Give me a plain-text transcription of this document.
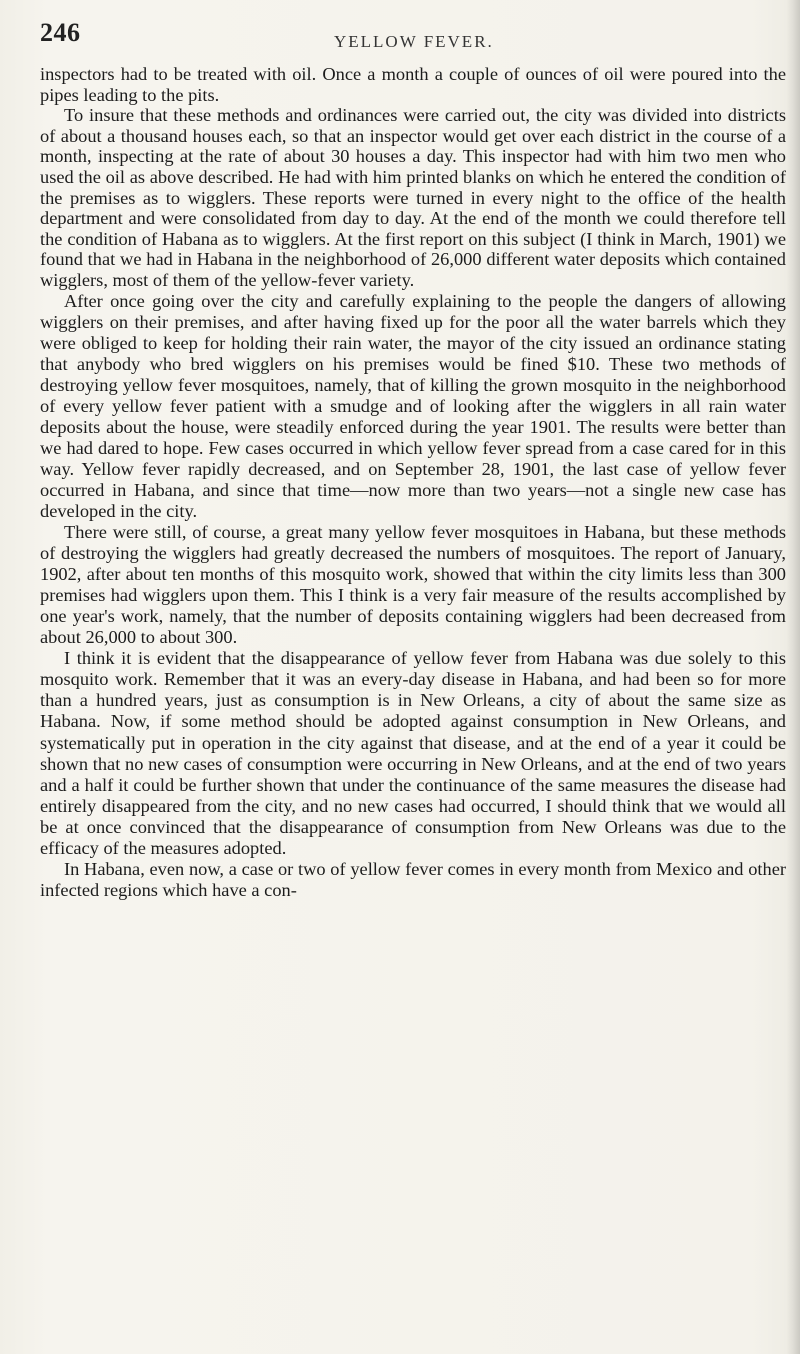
246	YELLOW FEVER.

inspectors had to be treated with oil. Once a month a couple of ounces of oil were poured into the pipes leading to the pits.

To insure that these methods and ordinances were carried out, the city was divided into districts of about a thousand houses each, so that an inspector would get over each district in the course of a month, inspecting at the rate of about 30 houses a day. This inspector had with him two men who used the oil as above described. He had with him printed blanks on which he entered the condition of the premises as to wigglers. These reports were turned in every night to the office of the health department and were consolidated from day to day. At the end of the month we could therefore tell the condition of Habana as to wigglers. At the first report on this subject (I think in March, 1901) we found that we had in Habana in the neighborhood of 26,000 different water deposits which contained wigglers, most of them of the yellow-fever variety.

After once going over the city and carefully explaining to the people the dangers of allowing wigglers on their premises, and after having fixed up for the poor all the water barrels which they were obliged to keep for holding their rain water, the mayor of the city issued an ordinance stating that anybody who bred wigglers on his premises would be fined $10. These two methods of destroying yellow fever mosquitoes, namely, that of killing the grown mosquito in the neighborhood of every yellow fever patient with a smudge and of looking after the wigglers in all rain water deposits about the house, were steadily enforced during the year 1901. The results were better than we had dared to hope. Few cases occurred in which yellow fever spread from a case cared for in this way. Yellow fever rapidly decreased, and on September 28, 1901, the last case of yellow fever occurred in Habana, and since that time—now more than two years—not a single new case has developed in the city.

There were still, of course, a great many yellow fever mosquitoes in Habana, but these methods of destroying the wigglers had greatly decreased the numbers of mosquitoes. The report of January, 1902, after about ten months of this mosquito work, showed that within the city limits less than 300 premises had wigglers upon them. This I think is a very fair measure of the results accomplished by one year's work, namely, that the number of deposits containing wigglers had been decreased from about 26,000 to about 300.

I think it is evident that the disappearance of yellow fever from Habana was due solely to this mosquito work. Remember that it was an every-day disease in Habana, and had been so for more than a hundred years, just as consumption is in New Orleans, a city of about the same size as Habana. Now, if some method should be adopted against consumption in New Orleans, and systematically put in operation in the city against that disease, and at the end of a year it could be shown that no new cases of consumption were occurring in New Orleans, and at the end of two years and a half it could be further shown that under the continuance of the same measures the disease had entirely disappeared from the city, and no new cases had occurred, I should think that we would all be at once convinced that the disappearance of consumption from New Orleans was due to the efficacy of the measures adopted.

In Habana, even now, a case or two of yellow fever comes in every month from Mexico and other infected regions which have a con-
